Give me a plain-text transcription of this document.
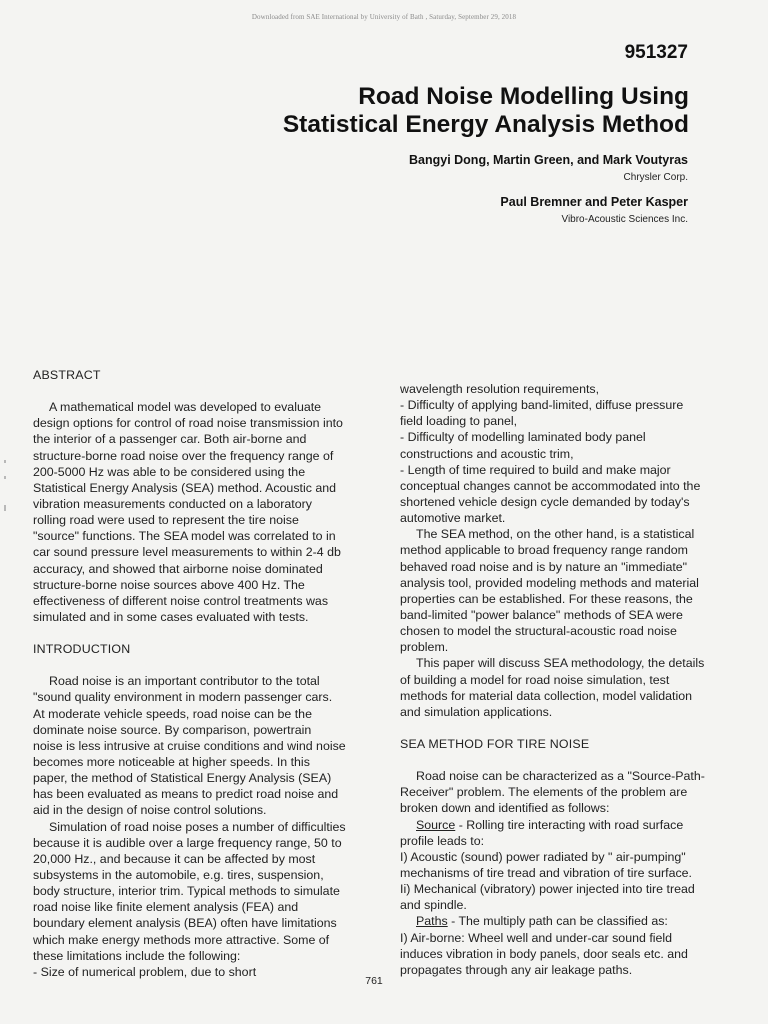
Downloaded from SAE International by University of Bath , Saturday, September 29, 2018
951327
Road Noise Modelling Using
Statistical Energy Analysis Method
Bangyi Dong, Martin Green, and Mark Voutyras
Chrysler Corp.
Paul Bremner and Peter Kasper
Vibro-Acoustic Sciences Inc.
ABSTRACT
A mathematical model was developed to evaluate
design options for control of road noise transmission into
the interior of a passenger car. Both air-borne and
structure-borne road noise over the frequency range of
200-5000 Hz was able to be considered using the
Statistical Energy Analysis (SEA) method. Acoustic and
vibration measurements conducted on a laboratory
rolling road were used to represent the tire noise
"source" functions. The SEA model was correlated to in
car sound pressure level measurements to within 2-4 db
accuracy, and showed that airborne noise dominated
structure-borne noise sources above 400 Hz. The
effectiveness of different noise control treatments was
simulated and in some cases evaluated with tests.
INTRODUCTION
Road noise is an important contributor to the total
"sound quality environment in modern passenger cars.
At moderate vehicle speeds, road noise can be the
dominate noise source. By comparison, powertrain
noise is less intrusive at cruise conditions and wind noise
becomes more noticeable at higher speeds. In this
paper, the method of Statistical Energy Analysis (SEA)
has been evaluated as means to predict road noise and
aid in the design of noise control solutions.
Simulation of road noise poses a number of difficulties
because it is audible over a large frequency range, 50 to
20,000 Hz., and because it can be affected by most
subsystems in the automobile, e.g. tires, suspension,
body structure, interior trim. Typical methods to simulate
road noise like finite element analysis (FEA) and
boundary element analysis (BEA) often have limitations
which make energy methods more attractive. Some of
these limitations include the following:
- Size of numerical problem, due to short
wavelength resolution requirements,
- Difficulty of applying band-limited, diffuse pressure
field loading to panel,
- Difficulty of modelling laminated body panel
constructions and acoustic trim,
- Length of time required to build and make major
conceptual changes cannot be accommodated into the
shortened vehicle design cycle demanded by today's
automotive market.
The SEA method, on the other hand, is a statistical
method applicable to broad frequency range random
behaved road noise and is by nature an "immediate"
analysis tool, provided modeling methods and material
properties can be established. For these reasons, the
band-limited "power balance" methods of SEA were
chosen to model the structural-acoustic road noise
problem.
This paper will discuss SEA methodology, the details
of building a model for road noise simulation, test
methods for material data collection, model validation
and simulation applications.
SEA METHOD FOR TIRE NOISE
Road noise can be characterized as a "Source-Path-
Receiver" problem. The elements of the problem are
broken down and identified as follows:
Source - Rolling tire interacting with road surface
profile leads to:
I) Acoustic (sound) power radiated by " air-pumping"
mechanisms of tire tread and vibration of tire surface.
Ii) Mechanical (vibratory) power injected into tire tread
and spindle.
Paths - The multiply path can be classified as:
I) Air-borne: Wheel well and under-car sound field
induces vibration in body panels, door seals etc. and
propagates through any air leakage paths.
761
